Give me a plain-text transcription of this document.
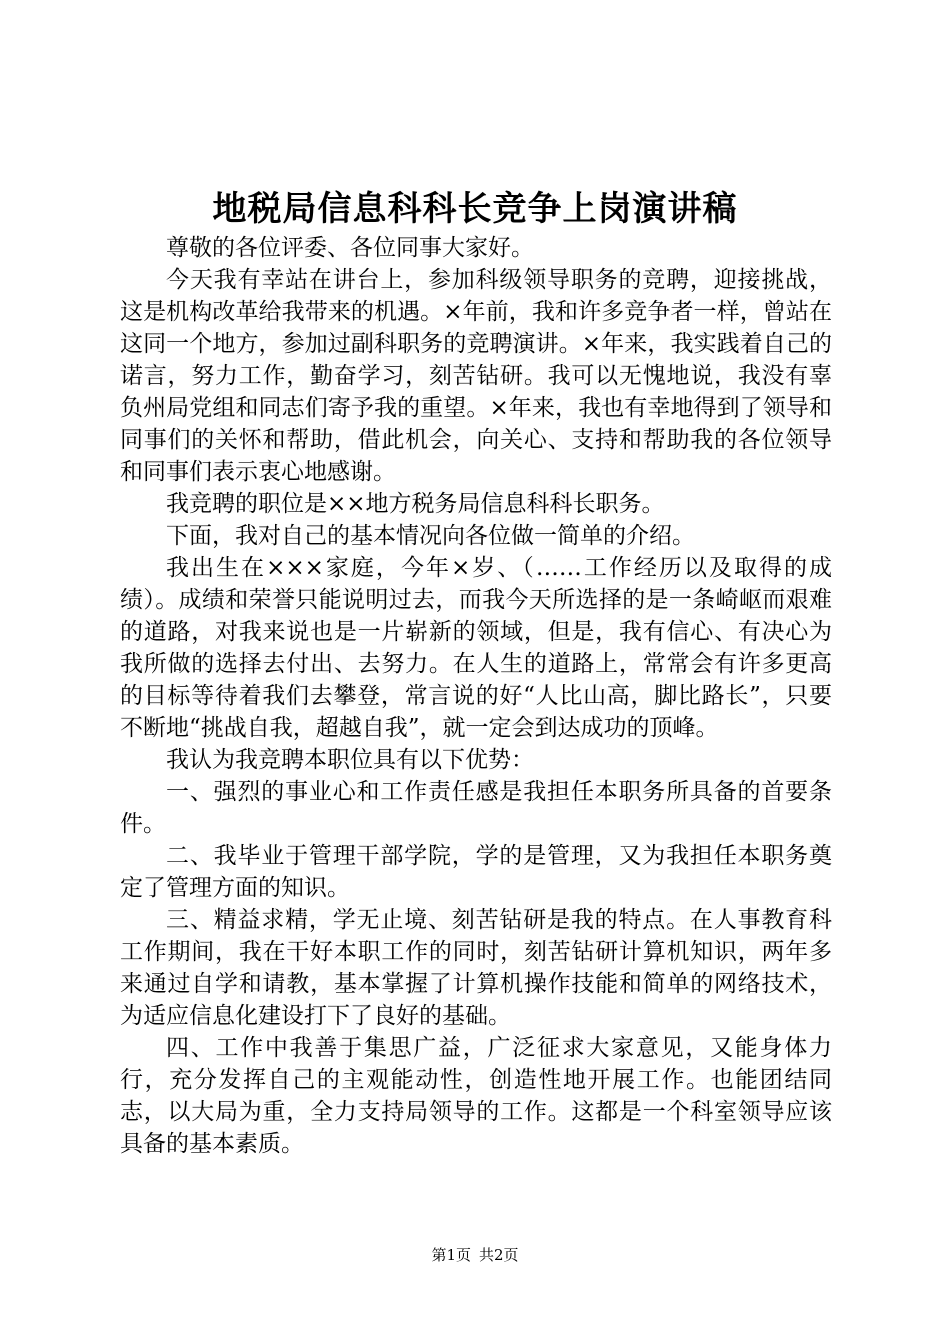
地税局信息科科长竞争上岗演讲稿

尊敬的各位评委、各位同事大家好。

今天我有幸站在讲台上，参加科级领导职务的竞聘，迎接挑战，这是机构改革给我带来的机遇。×年前，我和许多竞争者一样，曾站在这同一个地方，参加过副科职务的竞聘演讲。×年来，我实践着自己的诺言，努力工作，勤奋学习，刻苦钻研。我可以无愧地说，我没有辜负州局党组和同志们寄予我的重望。×年来，我也有幸地得到了领导和同事们的关怀和帮助，借此机会，向关心、支持和帮助我的各位领导和同事们表示衷心地感谢。

我竞聘的职位是××地方税务局信息科科长职务。

下面，我对自己的基本情况向各位做一简单的介绍。

我出生在×××家庭，今年×岁、（……工作经历以及取得的成绩）。成绩和荣誉只能说明过去，而我今天所选择的是一条崎岖而艰难的道路，对我来说也是一片崭新的领域，但是，我有信心、有决心为我所做的选择去付出、去努力。在人生的道路上，常常会有许多更高的目标等待着我们去攀登，常言说的好“人比山高，脚比路长”，只要不断地“挑战自我，超越自我”，就一定会到达成功的顶峰。

我认为我竞聘本职位具有以下优势：

一、强烈的事业心和工作责任感是我担任本职务所具备的首要条件。

二、我毕业于管理干部学院，学的是管理，又为我担任本职务奠定了管理方面的知识。

三、精益求精，学无止境、刻苦钻研是我的特点。在人事教育科工作期间，我在干好本职工作的同时，刻苦钻研计算机知识，两年多来通过自学和请教，基本掌握了计算机操作技能和简单的网络技术，为适应信息化建设打下了良好的基础。

四、工作中我善于集思广益，广泛征求大家意见，又能身体力行，充分发挥自己的主观能动性，创造性地开展工作。也能团结同志，以大局为重，全力支持局领导的工作。这都是一个科室领导应该具备的基本素质。

第1页 共2页
